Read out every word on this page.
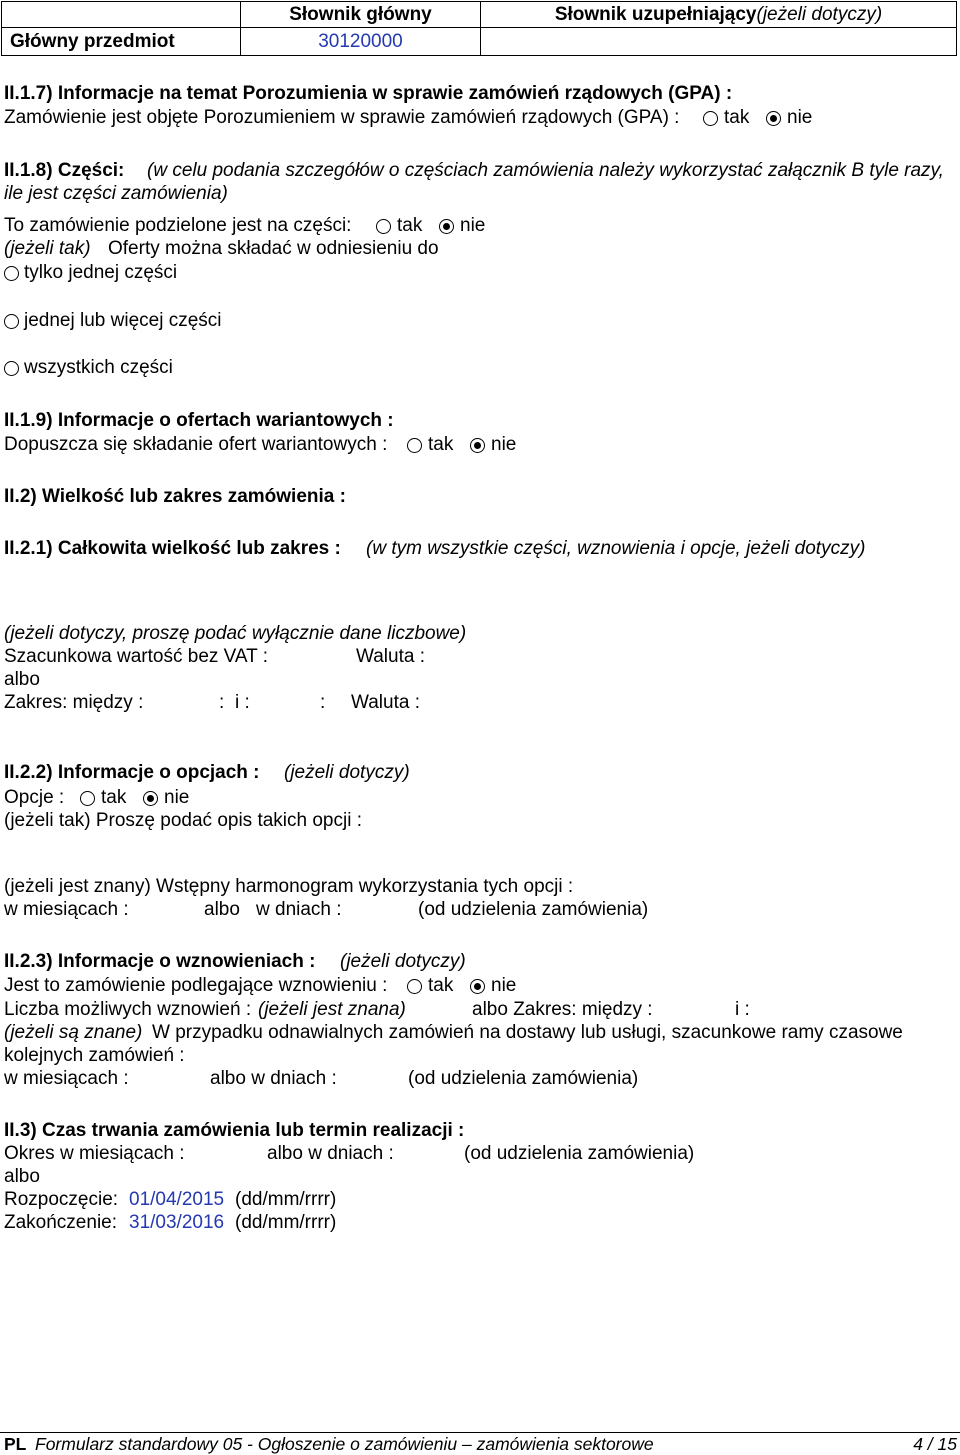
	Słownik główny	Słownik uzupełniający(jeżeli dotyczy)
Główny przedmiot	30120000	
II.1.7) Informacje na temat Porozumienia w sprawie zamówień rządowych (GPA) :
Zamówienie jest objęte Porozumieniem w sprawie zamówień rządowych (GPA) : tak nie
II.1.8) Części: (w celu podania szczegółów o częściach zamówienia należy wykorzystać załącznik B tyle razy,
ile jest części zamówienia)
To zamówienie podzielone jest na części: tak nie
(jeżeli tak) Oferty można składać w odniesieniu do
tylko jednej części
jednej lub więcej części
wszystkich części
II.1.9) Informacje o ofertach wariantowych :
Dopuszcza się składanie ofert wariantowych : tak nie
II.2) Wielkość lub zakres zamówienia :
II.2.1) Całkowita wielkość lub zakres : (w tym wszystkie części, wznowienia i opcje, jeżeli dotyczy)
(jeżeli dotyczy, proszę podać wyłącznie dane liczbowe)
Szacunkowa wartość bez VAT :	Waluta :
albo
Zakres: między :	: i :	: Waluta :
II.2.2) Informacje o opcjach : (jeżeli dotyczy)
Opcje : tak nie
(jeżeli tak) Proszę podać opis takich opcji :
(jeżeli jest znany) Wstępny harmonogram wykorzystania tych opcji :
w miesiącach :	albo w dniach :	(od udzielenia zamówienia)
II.2.3) Informacje o wznowieniach : (jeżeli dotyczy)
Jest to zamówienie podlegające wznowieniu : tak nie
Liczba możliwych wznowień : (jeżeli jest znana)	albo Zakres: między :	i :
(jeżeli są znane) W przypadku odnawialnych zamówień na dostawy lub usługi, szacunkowe ramy czasowe
kolejnych zamówień :
w miesiącach :	albo w dniach :	(od udzielenia zamówienia)
II.3) Czas trwania zamówienia lub termin realizacji :
Okres w miesiącach :	albo w dniach :	(od udzielenia zamówienia)
albo
Rozpoczęcie: 01/04/2015 (dd/mm/rrrr)
Zakończenie: 31/03/2016 (dd/mm/rrrr)
PL Formularz standardowy 05 - Ogłoszenie o zamówieniu – zamówienia sektorowe	4 / 15
